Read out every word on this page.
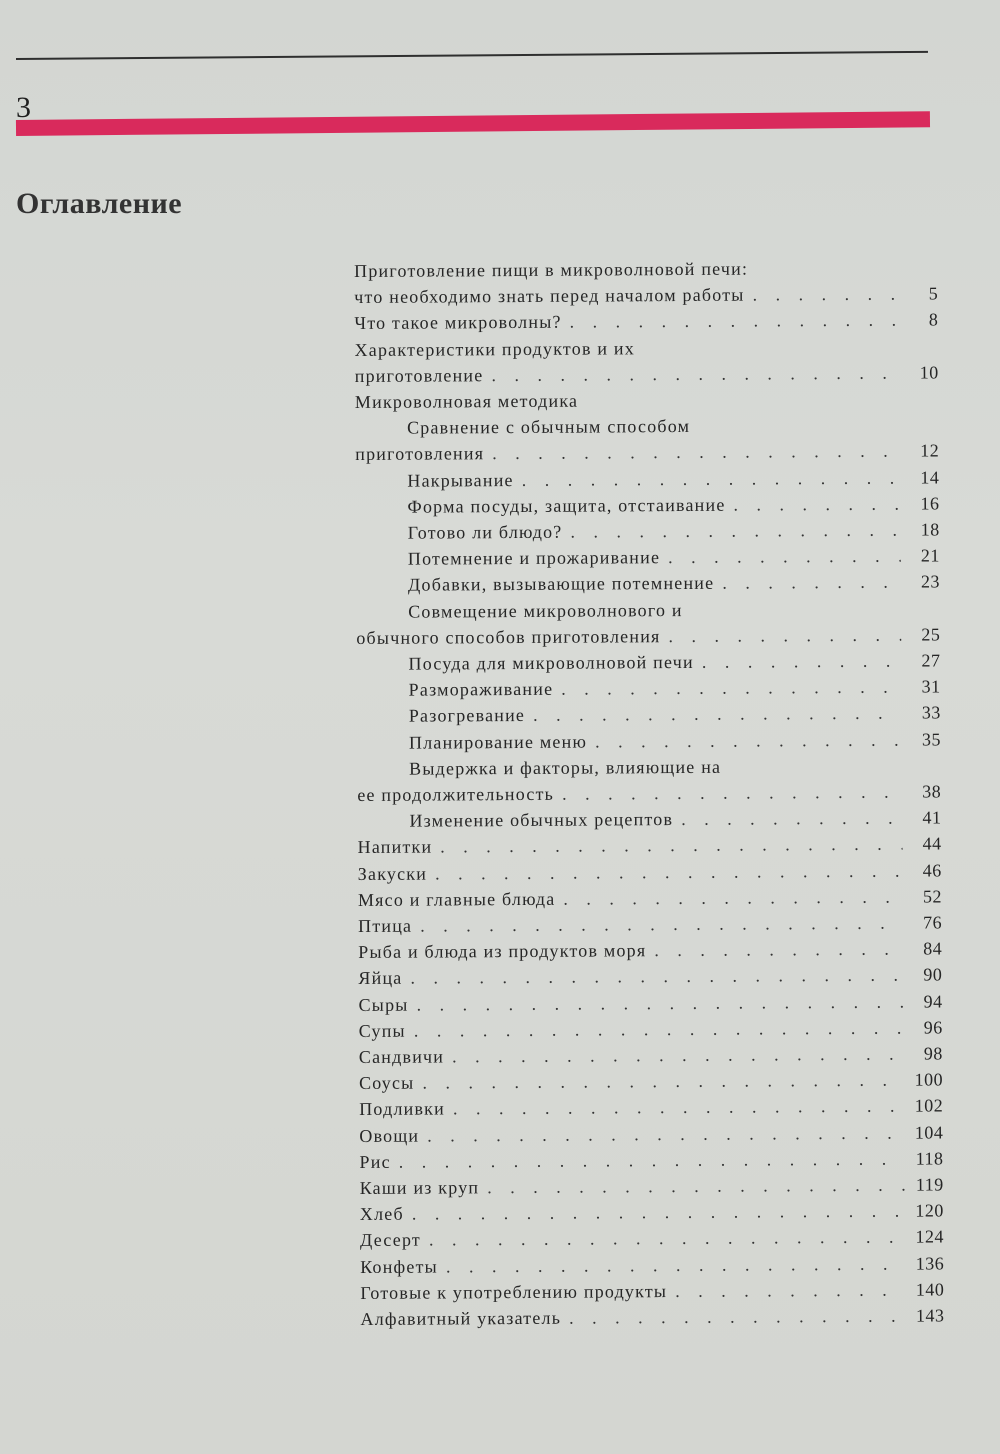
3
Оглавление
Приготовление пищи в микроволновой печи:
что необходимо знать перед началом работы . . .	5
Что такое микроволны? . . .	8
Характеристики продуктов и их
приготовление . . .	10
Микроволновая методика
Сравнение с обычным способом
приготовления . . .	12
Накрывание . . .	14
Форма посуды, защита, отстаивание . . .	16
Готово ли блюдо? . . .	18
Потемнение и прожаривание . . .	21
Добавки, вызывающие потемнение . . .	23
Совмещение микроволнового и
обычного способов приготовления . . .	25
Посуда для микроволновой печи . . .	27
Размораживание . . .	31
Разогревание . . .	33
Планирование меню . . .	35
Выдержка и факторы, влияющие на
ее продолжительность . . .	38
Изменение обычных рецептов . . .	41
Напитки . . .	44
Закуски . . .	46
Мясо и главные блюда . . .	52
Птица . . .	76
Рыба и блюда из продуктов моря . . .	84
Яйца . . .	90
Сыры . . .	94
Супы . . .	96
Сандвичи . . .	98
Соусы . . .	100
Подливки . . .	102
Овощи . . .	104
Рис . . .	118
Каши из круп . . .	119
Хлеб . . .	120
Десерт . . .	124
Конфеты . . .	136
Готовые к употреблению продукты . . .	140
Алфавитный указатель . . .	143
